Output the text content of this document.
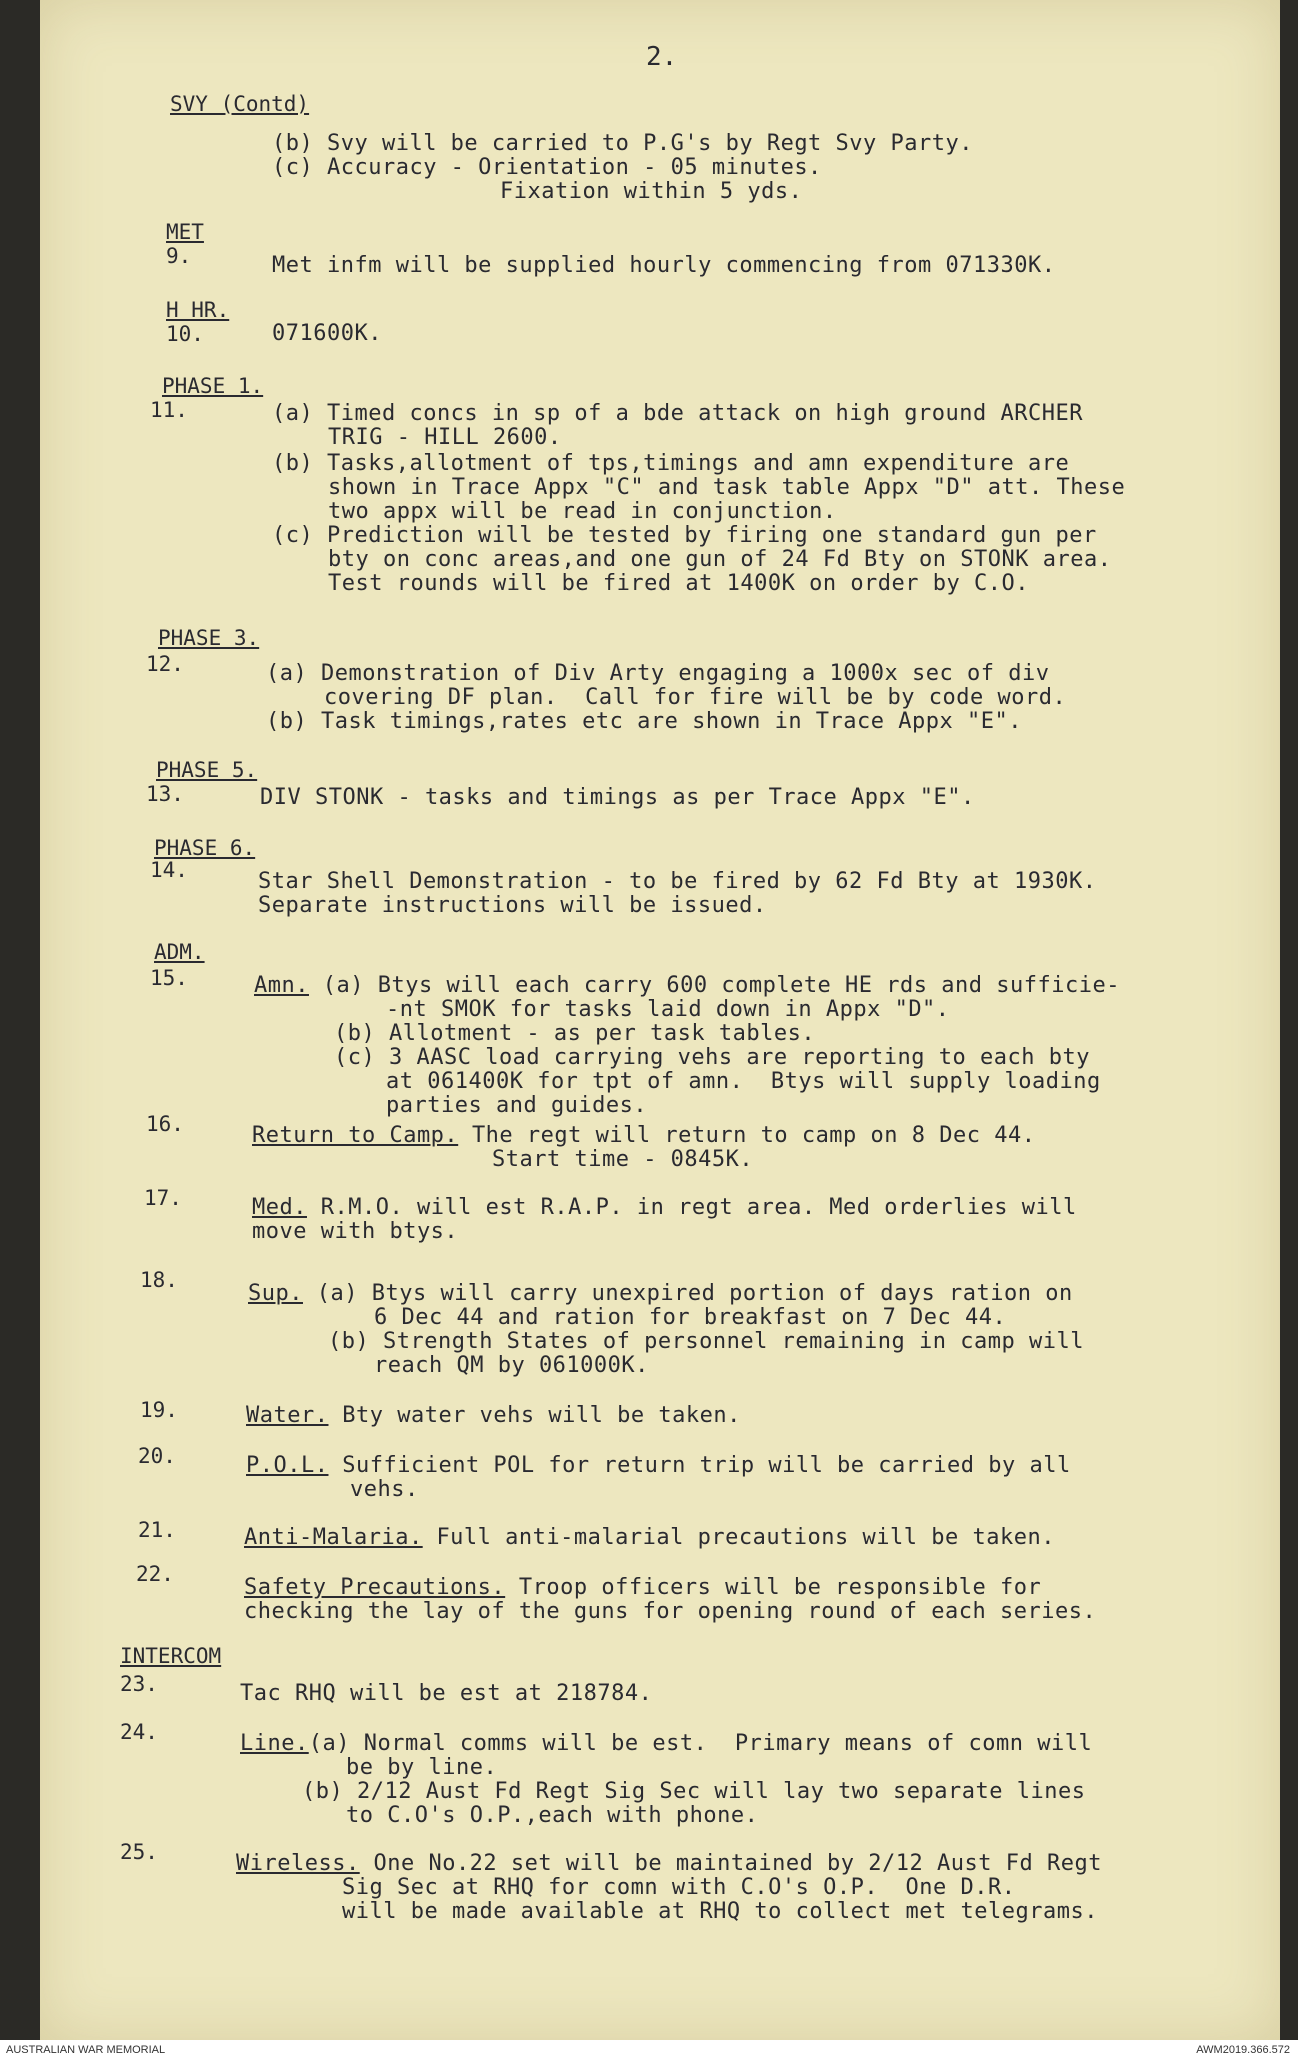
2.
SVY (Contd)
(b) Svy will be carried to P.G's by Regt Svy Party.
(c) Accuracy - Orientation - 05 minutes.
Fixation within 5 yds.
MET
9.	Met infm will be supplied hourly commencing from 071330K.
H HR.
10.	071600K.
PHASE 1.
11.	(a) Timed concs in sp of a bde attack on high ground ARCHER
TRIG - HILL 2600.
(b) Tasks,allotment of tps,timings and amn expenditure are
shown in Trace Appx "C" and task table Appx "D" att. These
two appx will be read in conjunction.
(c) Prediction will be tested by firing one standard gun per
bty on conc areas,and one gun of 24 Fd Bty on STONK area.
Test rounds will be fired at 1400K on order by C.O.
PHASE 3.
12.	(a) Demonstration of Div Arty engaging a 1000x sec of div
covering DF plan.  Call for fire will be by code word.
(b) Task timings,rates etc are shown in Trace Appx "E".
PHASE 5.
13.	DIV STONK - tasks and timings as per Trace Appx "E".
PHASE 6.
14.	Star Shell Demonstration - to be fired by 62 Fd Bty at 1930K.
Separate instructions will be issued.
ADM.
15.	Amn. (a) Btys will each carry 600 complete HE rds and sufficie-
-nt SMOK for tasks laid down in Appx "D".
(b) Allotment - as per task tables.
(c) 3 AASC load carrying vehs are reporting to each bty
at 061400K for tpt of amn.  Btys will supply loading
parties and guides.
16.	Return to Camp. The regt will return to camp on 8 Dec 44.
Start time - 0845K.
17.	Med. R.M.O. will est R.A.P. in regt area. Med orderlies will
move with btys.
18.
Sup. (a) Btys will carry unexpired portion of days ration on
6 Dec 44 and ration for breakfast on 7 Dec 44.
(b) Strength States of personnel remaining in camp will
reach QM by 061000K.
19.	Water. Bty water vehs will be taken.
20.	P.O.L. Sufficient POL for return trip will be carried by all
vehs.
21.	Anti-Malaria. Full anti-malarial precautions will be taken.
22.
Safety Precautions. Troop officers will be responsible for
checking the lay of the guns for opening round of each series.
INTERCOM
23.	Tac RHQ will be est at 218784.
24.	Line.(a) Normal comms will be est.  Primary means of comn will
be by line.
(b) 2/12 Aust Fd Regt Sig Sec will lay two separate lines
to C.O's O.P.,each with phone.
25.	Wireless. One No.22 set will be maintained by 2/12 Aust Fd Regt
Sig Sec at RHQ for comn with C.O's O.P.  One D.R.
will be made available at RHQ to collect met telegrams.
AUSTRALIAN WAR MEMORIAL	AWM2019.366.572
